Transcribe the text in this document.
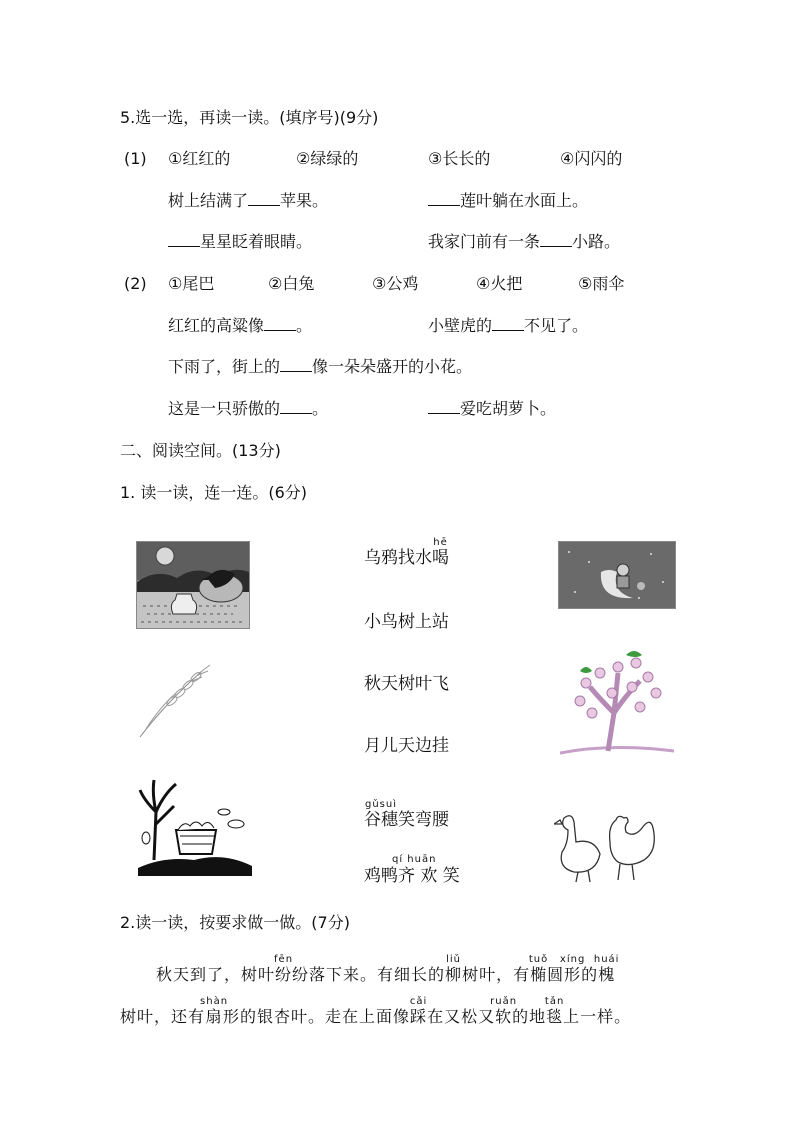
5.选一选，再读一读。(填序号)(9分)
(1) ①红红的	②绿绿的	③长长的	④闪闪的
树上结满了 苹果。	莲叶躺在水面上。
星星眨着眼睛。	我家门前有一条 小路。
(2) ①尾巴	②白兔	③公鸡	④火把	⑤雨伞
红红的高粱像 。	小壁虎的 不见了。
下雨了，街上的 像一朵朵盛开的小花。
这是一只骄傲的 。	爱吃胡萝卜。
二、阅读空间。(13分)
1. 读一读，连一连。(6分)
乌鸦找水喝hē
小鸟树上站
秋天树叶飞
月儿天边挂
谷穗gǔsuì笑弯腰
鸡鸭
qí huān
齐 欢 笑
2.读一读，按要求做一做。(7分)
秋天到了，树叶纷fēn纷落下来。有细长的柳liǔ树叶，有椭tuǒ圆形xíng的槐huái
树叶，还有扇shàn形的银杏叶。走在上面像踩cǎi在又松又软ruǎn的地毯tǎn上一样。
